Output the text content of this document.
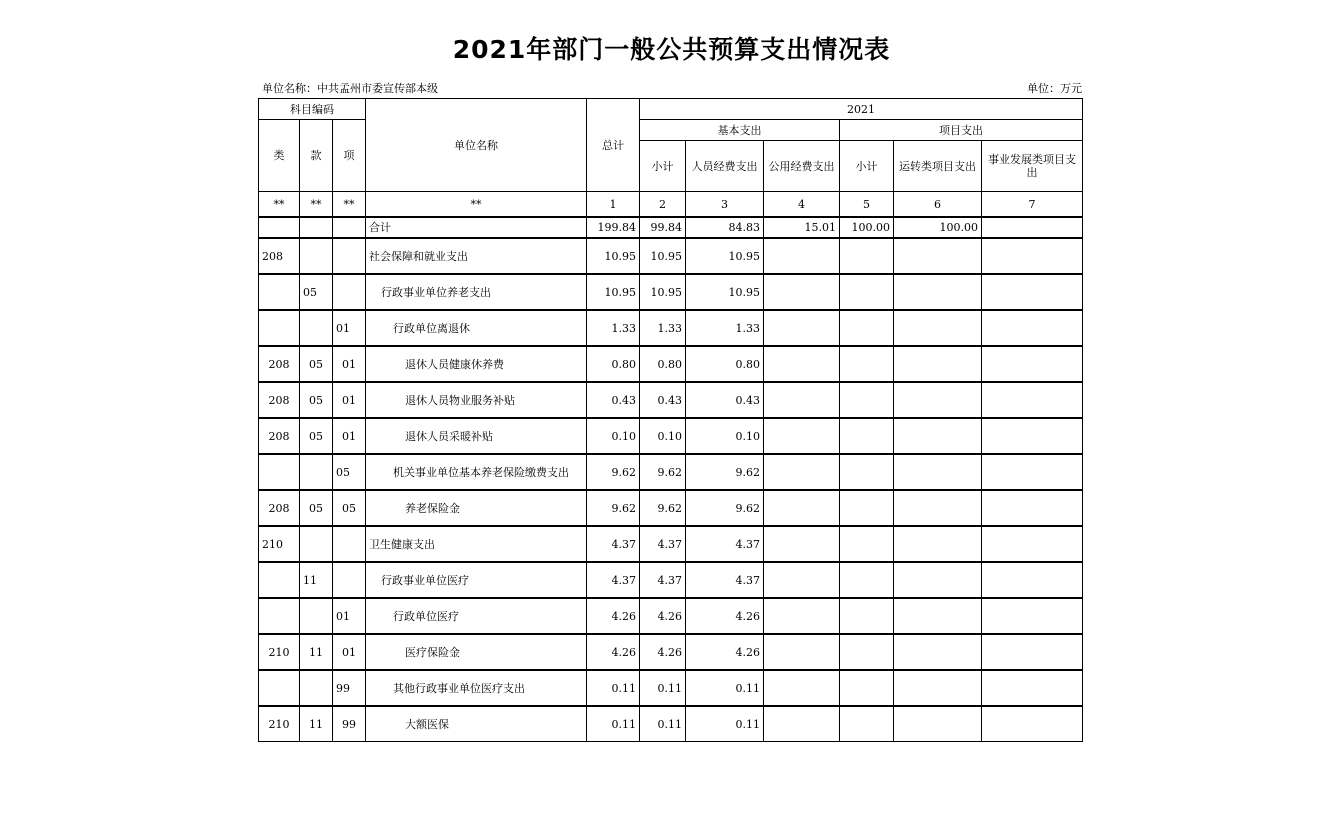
2021年部门一般公共预算支出情况表
单位名称：中共孟州市委宣传部本级	单位：万元
科目编码			单位名称	总计	2021					
类	款	项			基本支出			项目支出		
					小计	人员经费支出	公用经费支出	小计	运转类项目支出	事业发展类项目支出
**	**	**	**	1	2	3	4	5	6	7
			合计	199.84	99.84	84.83	15.01	100.00	100.00	
208			社会保障和就业支出	10.95	10.95	10.95				
	05		行政事业单位养老支出	10.95	10.95	10.95				
		01	行政单位离退休	1.33	1.33	1.33				
208	05	01	退休人员健康休养费	0.80	0.80	0.80				
208	05	01	退休人员物业服务补贴	0.43	0.43	0.43				
208	05	01	退休人员采暖补贴	0.10	0.10	0.10				
		05	机关事业单位基本养老保险缴费支出	9.62	9.62	9.62				
208	05	05	养老保险金	9.62	9.62	9.62				
210			卫生健康支出	4.37	4.37	4.37				
	11		行政事业单位医疗	4.37	4.37	4.37				
		01	行政单位医疗	4.26	4.26	4.26				
210	11	01	医疗保险金	4.26	4.26	4.26				
		99	其他行政事业单位医疗支出	0.11	0.11	0.11				
210	11	99	大额医保	0.11	0.11	0.11				
